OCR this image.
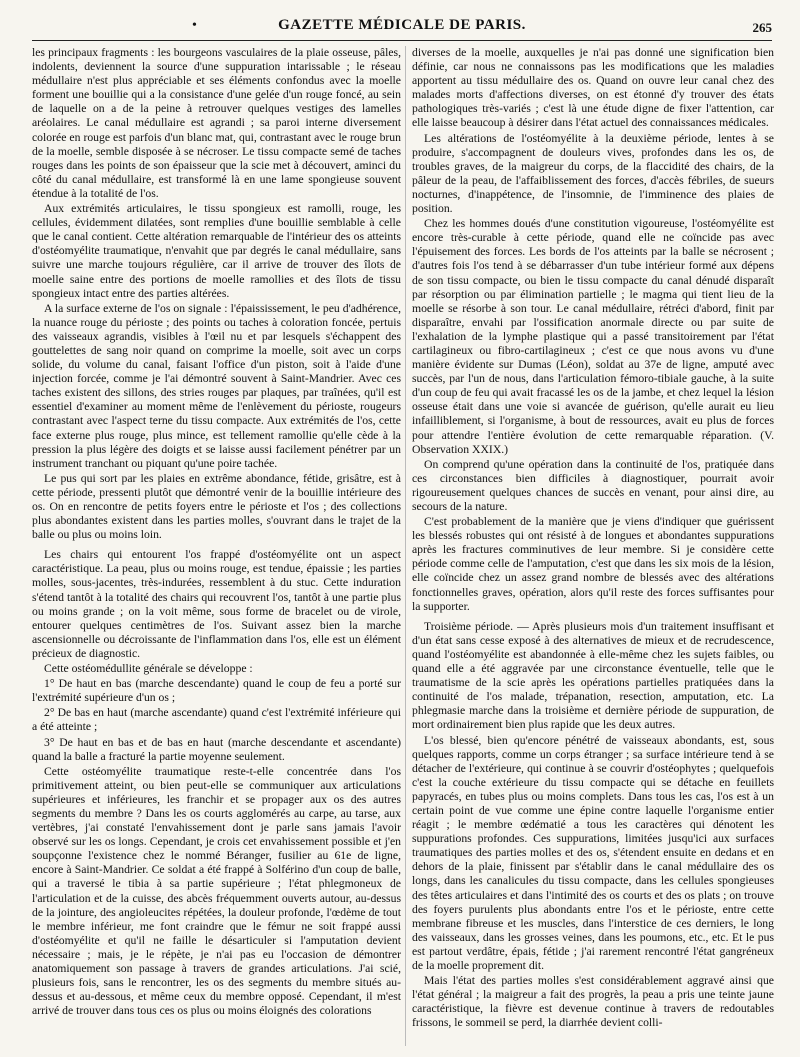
•	GAZETTE MÉDICALE DE PARIS.	265

les principaux fragments : les bourgeons vasculaires de la plaie osseuse, pâles, indolents, deviennent la source d'une suppuration intarissable ; le réseau médullaire n'est plus appréciable et ses éléments confondus avec la moelle forment une bouillie qui a la consistance d'une gelée d'un rouge foncé, au sein de laquelle on a de la peine à retrouver quelques vestiges des lamelles aréolaires. Le canal médullaire est agrandi ; sa paroi interne diversement colorée en rouge est parfois d'un blanc mat, qui, contrastant avec le rouge brun de la moelle, semble disposée à se nécroser. Le tissu compacte semé de taches rouges dans les points de son épaisseur que la scie met à découvert, aminci du côté du canal médullaire, est transformé là en une lame spongieuse souvent étendue à la totalité de l'os.

Aux extrémités articulaires, le tissu spongieux est ramolli, rouge, les cellules, évidemment dilatées, sont remplies d'une bouillie semblable à celle que le canal contient. Cette altération remarquable de l'intérieur des os atteints d'ostéomyélite traumatique, n'envahit que par degrés le canal médullaire, sans suivre une marche toujours régulière, car il arrive de trouver des îlots de moelle saine entre des portions de moelle ramollies et des îlots de tissu spongieux intact entre des parties altérées.

A la surface externe de l'os on signale : l'épaississement, le peu d'adhérence, la nuance rouge du périoste ; des points ou taches à coloration foncée, pertuis des vaisseaux agrandis, visibles à l'œil nu et par lesquels s'échappent des gouttelettes de sang noir quand on comprime la moelle, soit avec un corps solide, du volume du canal, faisant l'office d'un piston, soit à l'aide d'une injection forcée, comme je l'ai démontré souvent à Saint-Mandrier. Avec ces taches existent des sillons, des stries rouges par plaques, par traînées, qu'il est essentiel d'examiner au moment même de l'enlèvement du périoste, rougeurs contrastant avec l'aspect terne du tissu compacte. Aux extrémités de l'os, cette face externe plus rouge, plus mince, est tellement ramollie qu'elle cède à la pression la plus légère des doigts et se laisse aussi facilement pénétrer par un instrument tranchant ou piquant qu'une poire tachée.

Le pus qui sort par les plaies en extrême abondance, fétide, grisâtre, est à cette période, pressenti plutôt que démontré venir de la bouillie intérieure des os. On en rencontre de petits foyers entre le périoste et l'os ; des collections plus abondantes existent dans les parties molles, s'ouvrant dans le trajet de la balle ou plus ou moins loin.

Les chairs qui entourent l'os frappé d'ostéomyélite ont un aspect caractéristique. La peau, plus ou moins rouge, est tendue, épaissie ; les parties molles, sous-jacentes, très-indurées, ressemblent à du stuc. Cette induration s'étend tantôt à la totalité des chairs qui recouvrent l'os, tantôt à une partie plus ou moins grande ; on la voit même, sous forme de bracelet ou de virole, entourer quelques centimètres de l'os. Suivant assez bien la marche ascensionnelle ou décroissante de l'inflammation dans l'os, elle est un élément précieux de diagnostic.

Cette ostéomédullite générale se développe :

1° De haut en bas (marche descendante) quand le coup de feu a porté sur l'extrémité supérieure d'un os ;

2° De bas en haut (marche ascendante) quand c'est l'extrémité inférieure qui a été atteinte ;

3° De haut en bas et de bas en haut (marche descendante et ascendante) quand la balle a fracturé la partie moyenne seulement.

Cette ostéomyélite traumatique reste-t-elle concentrée dans l'os primitivement atteint, ou bien peut-elle se communiquer aux articulations supérieures et inférieures, les franchir et se propager aux os des autres segments du membre ? Dans les os courts agglomérés au carpe, au tarse, aux vertèbres, j'ai constaté l'envahissement dont je parle sans jamais l'avoir observé sur les os longs. Cependant, je crois cet envahissement possible et j'en soupçonne l'existence chez le nommé Béranger, fusilier au 61e de ligne, encore à Saint-Mandrier. Ce soldat a été frappé à Solférino d'un coup de balle, qui a traversé le tibia à sa partie supérieure ; l'état phlegmoneux de l'articulation et de la cuisse, des abcès fréquemment ouverts autour, au-dessus de la jointure, des angioleucites répétées, la douleur profonde, l'œdème de tout le membre inférieur, me font craindre que le fémur ne soit frappé aussi d'ostéomyélite et qu'il ne faille le désarticuler si l'amputation devient nécessaire ; mais, je le répète, je n'ai pas eu l'occasion de démontrer anatomiquement son passage à travers de grandes articulations. J'ai scié, plusieurs fois, sans le rencontrer, les os des segments du membre situés au-dessus et au-dessous, et même ceux du membre opposé. Cependant, il m'est arrivé de trouver dans tous ces os plus ou moins éloignés des colorations

diverses de la moelle, auxquelles je n'ai pas donné une signification bien définie, car nous ne connaissons pas les modifications que les maladies apportent au tissu médullaire des os. Quand on ouvre leur canal chez des malades morts d'affections diverses, on est étonné d'y trouver des états pathologiques très-variés ; c'est là une étude digne de fixer l'attention, car elle laisse beaucoup à désirer dans l'état actuel des connaissances médicales.

Les altérations de l'ostéomyélite à la deuxième période, lentes à se produire, s'accompagnent de douleurs vives, profondes dans les os, de troubles graves, de la maigreur du corps, de la flaccidité des chairs, de la pâleur de la peau, de l'affaiblissement des forces, d'accès fébriles, de sueurs nocturnes, d'inappétence, de l'insomnie, de l'imminence des plaies de position.

Chez les hommes doués d'une constitution vigoureuse, l'ostéomyélite est encore très-curable à cette période, quand elle ne coïncide pas avec l'épuisement des forces. Les bords de l'os atteints par la balle se nécrosent ; d'autres fois l'os tend à se débarrasser d'un tube intérieur formé aux dépens de son tissu compacte, ou bien le tissu compacte du canal dénudé disparaît par résorption ou par élimination partielle ; le magma qui tient lieu de la moelle se résorbe à son tour. Le canal médullaire, rétréci d'abord, finit par disparaître, envahi par l'ossification anormale directe ou par suite de l'exhalation de la lymphe plastique qui a passé transitoirement par l'état cartilagineux ou fibro-cartilagineux ; c'est ce que nous avons vu d'une manière évidente sur Dumas (Léon), soldat au 37e de ligne, amputé avec succès, par l'un de nous, dans l'articulation fémoro-tibiale gauche, à la suite d'un coup de feu qui avait fracassé les os de la jambe, et chez lequel la lésion osseuse était dans une voie si avancée de guérison, qu'elle aurait eu lieu infailliblement, si l'organisme, à bout de ressources, avait eu plus de forces pour attendre l'entière évolution de cette remarquable réparation. (V. Observation XXIX.)

On comprend qu'une opération dans la continuité de l'os, pratiquée dans ces circonstances bien difficiles à diagnostiquer, pourrait avoir rigoureusement quelques chances de succès en venant, pour ainsi dire, au secours de la nature.

C'est probablement de la manière que je viens d'indiquer que guérissent les blessés robustes qui ont résisté à de longues et abondantes suppurations après les fractures comminutives de leur membre. Si je considère cette période comme celle de l'amputation, c'est que dans les six mois de la lésion, elle coïncide chez un assez grand nombre de blessés avec des altérations fonctionnelles graves, opération, alors qu'il reste des forces suffisantes pour la supporter.

Troisième période. — Après plusieurs mois d'un traitement insuffisant et d'un état sans cesse exposé à des alternatives de mieux et de recrudescence, quand l'ostéomyélite est abandonnée à elle-même chez les sujets faibles, ou quand elle a été aggravée par une circonstance éventuelle, telle que le traumatisme de la scie après les opérations partielles pratiquées dans la continuité de l'os malade, trépanation, resection, amputation, etc. La phlegmasie marche dans la troisième et dernière période de suppuration, de mort ordinairement bien plus rapide que les deux autres.

L'os blessé, bien qu'encore pénétré de vaisseaux abondants, est, sous quelques rapports, comme un corps étranger ; sa surface intérieure tend à se détacher de l'extérieure, qui continue à se couvrir d'ostéophytes ; quelquefois c'est la couche extérieure du tissu compacte qui se détache en feuillets papyracés, en tubes plus ou moins complets. Dans tous les cas, l'os est à un certain point de vue comme une épine contre laquelle l'organisme entier réagit ; le membre œdématié a tous les caractères qui dénotent les suppurations profondes. Ces suppurations, limitées jusqu'ici aux surfaces traumatiques des parties molles et des os, s'étendent ensuite en dedans et en dehors de la plaie, finissent par s'établir dans le canal médullaire des os longs, dans les canalicules du tissu compacte, dans les cellules spongieuses des têtes articulaires et dans l'intimité des os courts et des os plats ; on trouve des foyers purulents plus abondants entre l'os et le périoste, entre cette membrane fibreuse et les muscles, dans l'interstice de ces derniers, le long des vaisseaux, dans les grosses veines, dans les poumons, etc., etc. Et le pus est partout verdâtre, épais, fétide ; j'ai rarement rencontré l'état gangréneux de la moelle proprement dit.

Mais l'état des parties molles s'est considérablement aggravé ainsi que l'état général ; la maigreur a fait des progrès, la peau a pris une teinte jaune caractéristique, la fièvre est devenue continue à travers de redoutables frissons, le sommeil se perd, la diarrhée devient colli-
